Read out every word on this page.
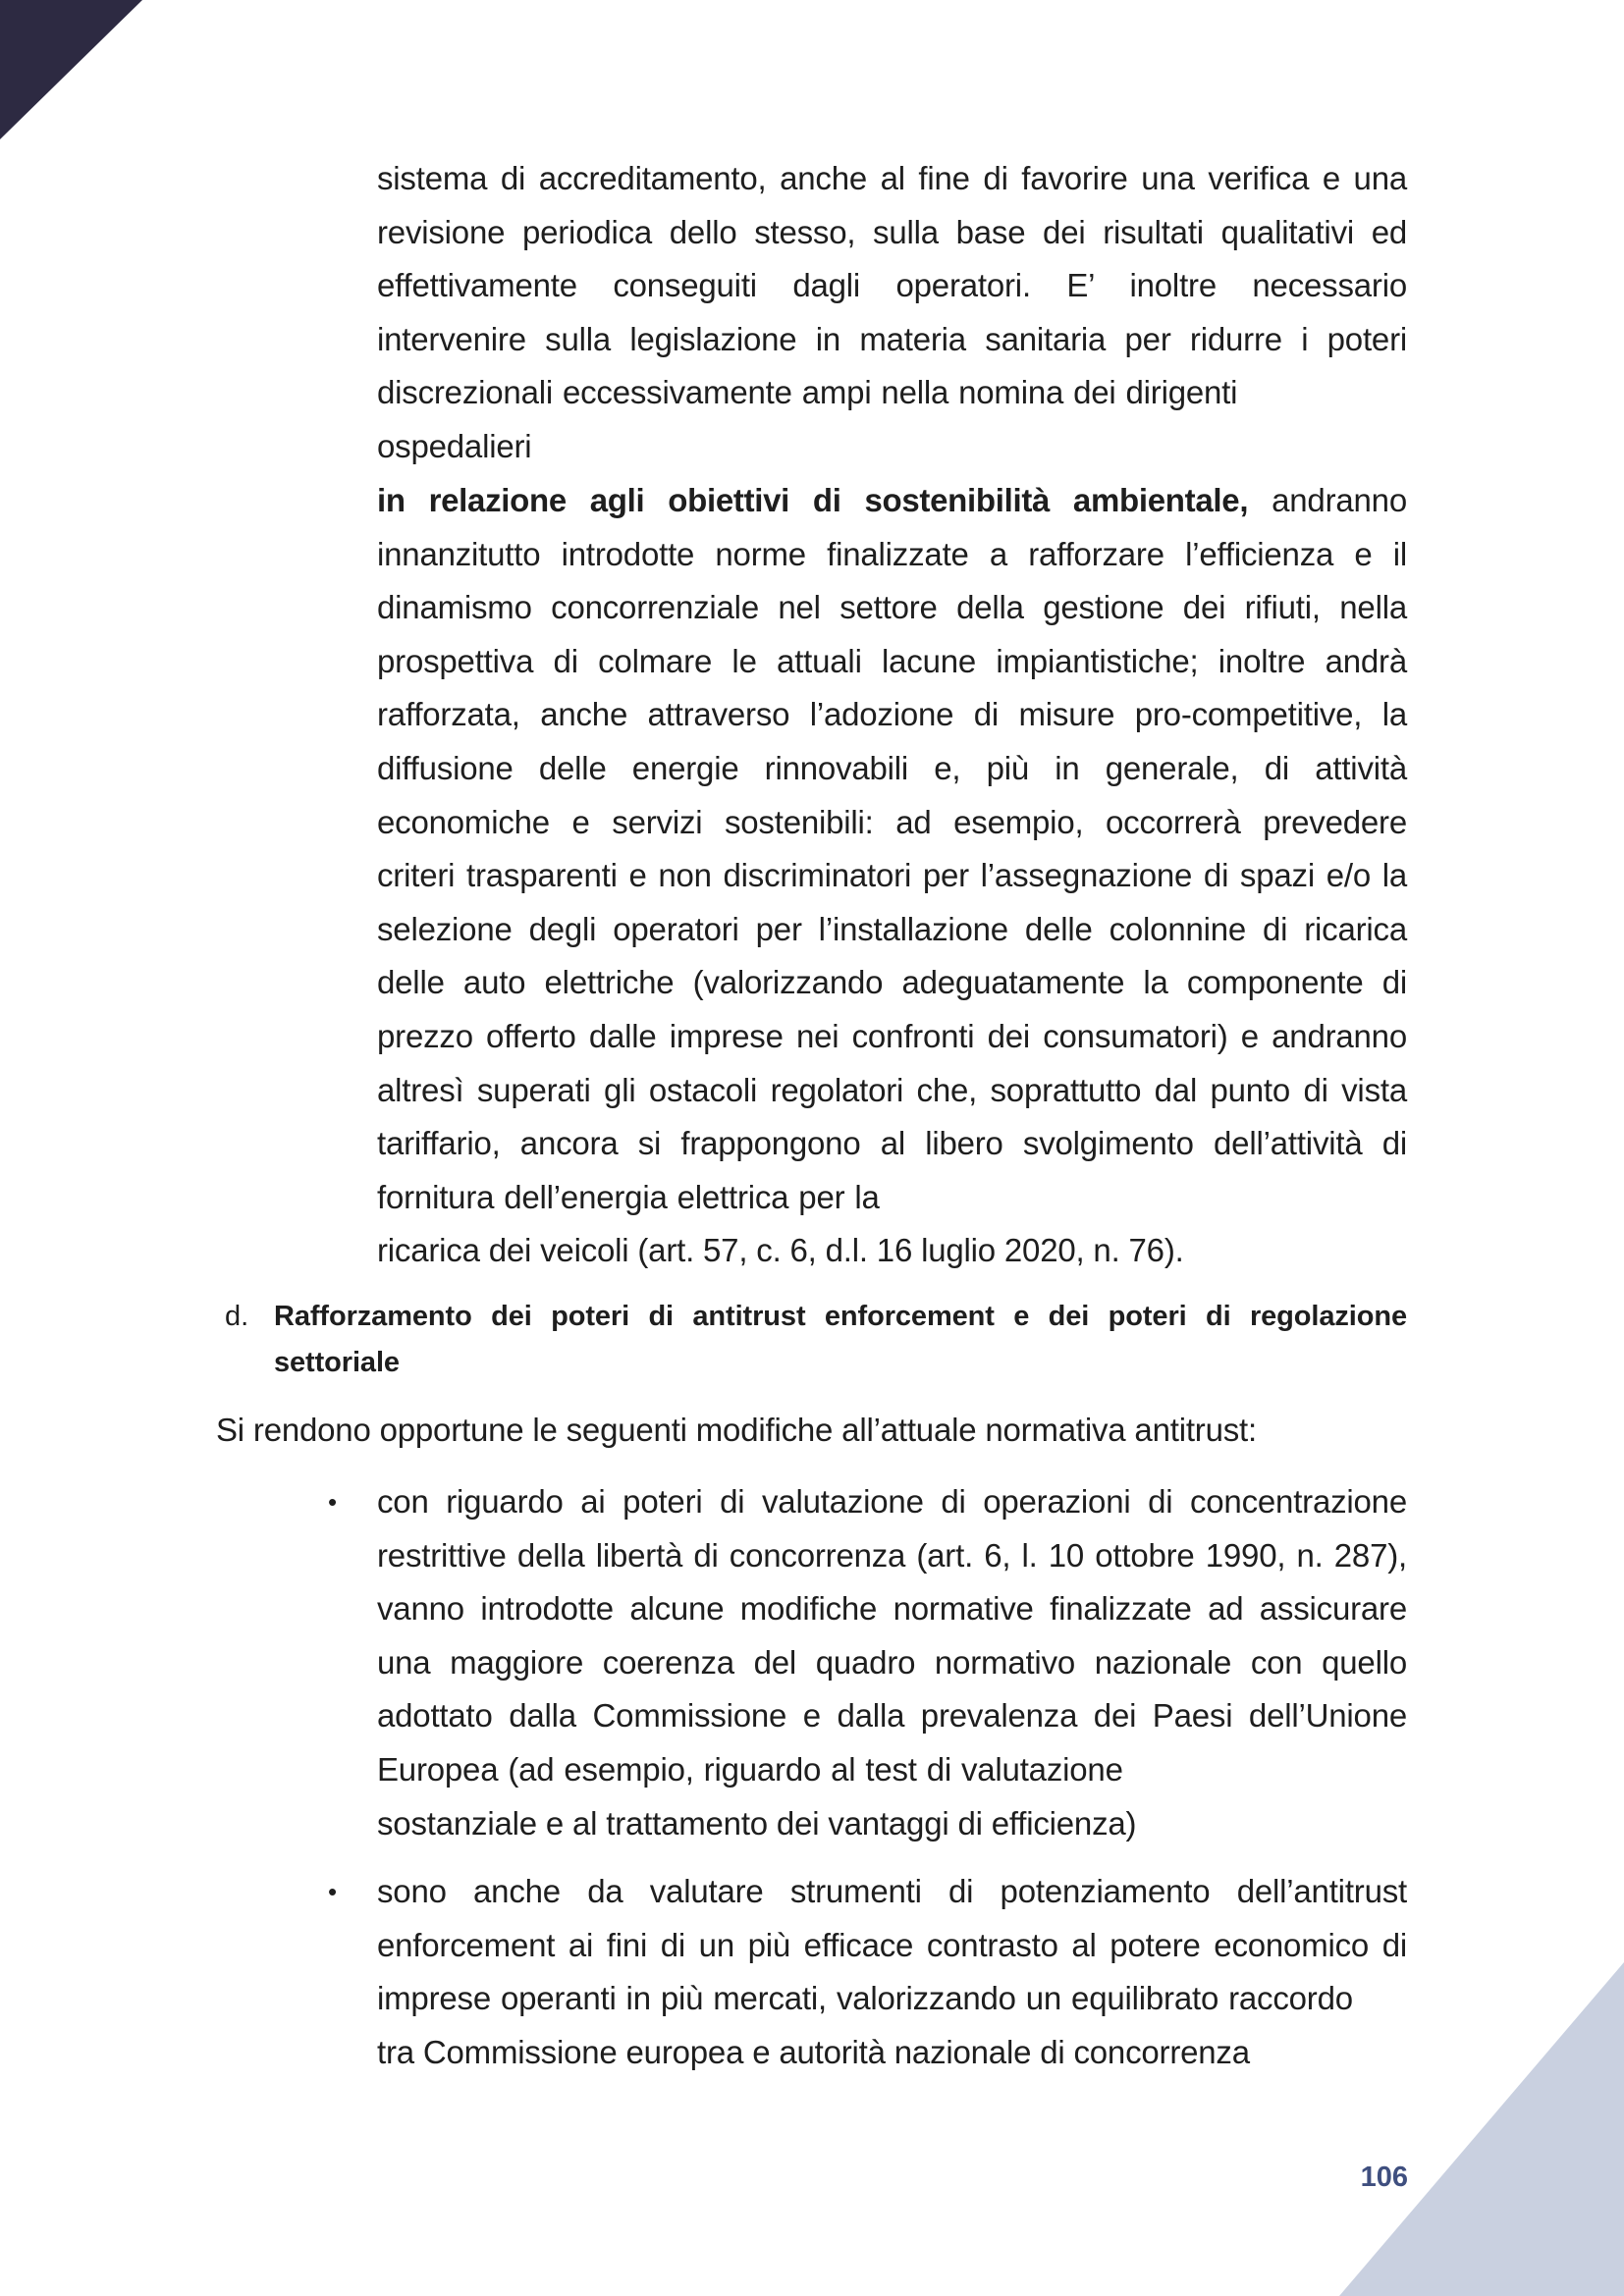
sistema di accreditamento, anche al fine di favorire una verifica e una revisione periodica dello stesso, sulla base dei risultati qualitativi ed effettivamente conseguiti dagli operatori. E’ inoltre necessario intervenire sulla legislazione in materia sanitaria per ridurre i poteri discrezionali eccessivamente ampi nella nomina dei dirigenti

ospedalieri

in relazione agli obiettivi di sostenibilità ambientale, andranno innanzitutto introdotte norme finalizzate a rafforzare l’efficienza e il dinamismo concorrenziale nel settore della gestione dei rifiuti, nella prospettiva di colmare le attuali lacune impiantistiche; inoltre andrà rafforzata, anche attraverso l’adozione di misure pro-competitive, la diffusione delle energie rinnovabili e, più in generale, di attività economiche e servizi sostenibili: ad esempio, occorrerà prevedere criteri trasparenti e non discriminatori per l’assegnazione di spazi e/o la selezione degli operatori per l’installazione delle colonnine di ricarica delle auto elettriche (valorizzando adeguatamente la componente di prezzo offerto dalle imprese nei confronti dei consumatori) e andranno altresì superati gli ostacoli regolatori che, soprattutto dal punto di vista tariffario, ancora si frappongono al libero svolgimento dell’attività di fornitura dell’energia elettrica per la

ricarica dei veicoli (art. 57, c. 6, d.l. 16 luglio 2020, n. 76).

d. Rafforzamento dei poteri di antitrust enforcement e dei poteri di regolazione settoriale

Si rendono opportune le seguenti modifiche all’attuale normativa antitrust:

• con riguardo ai poteri di valutazione di operazioni di concentrazione restrittive della libertà di concorrenza (art. 6, l. 10 ottobre 1990, n. 287), vanno introdotte alcune modifiche normative finalizzate ad assicurare una maggiore coerenza del quadro normativo nazionale con quello adottato dalla Commissione e dalla prevalenza dei Paesi dell’Unione Europea (ad esempio, riguardo al test di valutazione

sostanziale e al trattamento dei vantaggi di efficienza)

• sono anche da valutare strumenti di potenziamento dell’antitrust enforcement ai fini di un più efficace contrasto al potere economico di imprese operanti in più mercati, valorizzando un equilibrato raccordo

tra Commissione europea e autorità nazionale di concorrenza

106
